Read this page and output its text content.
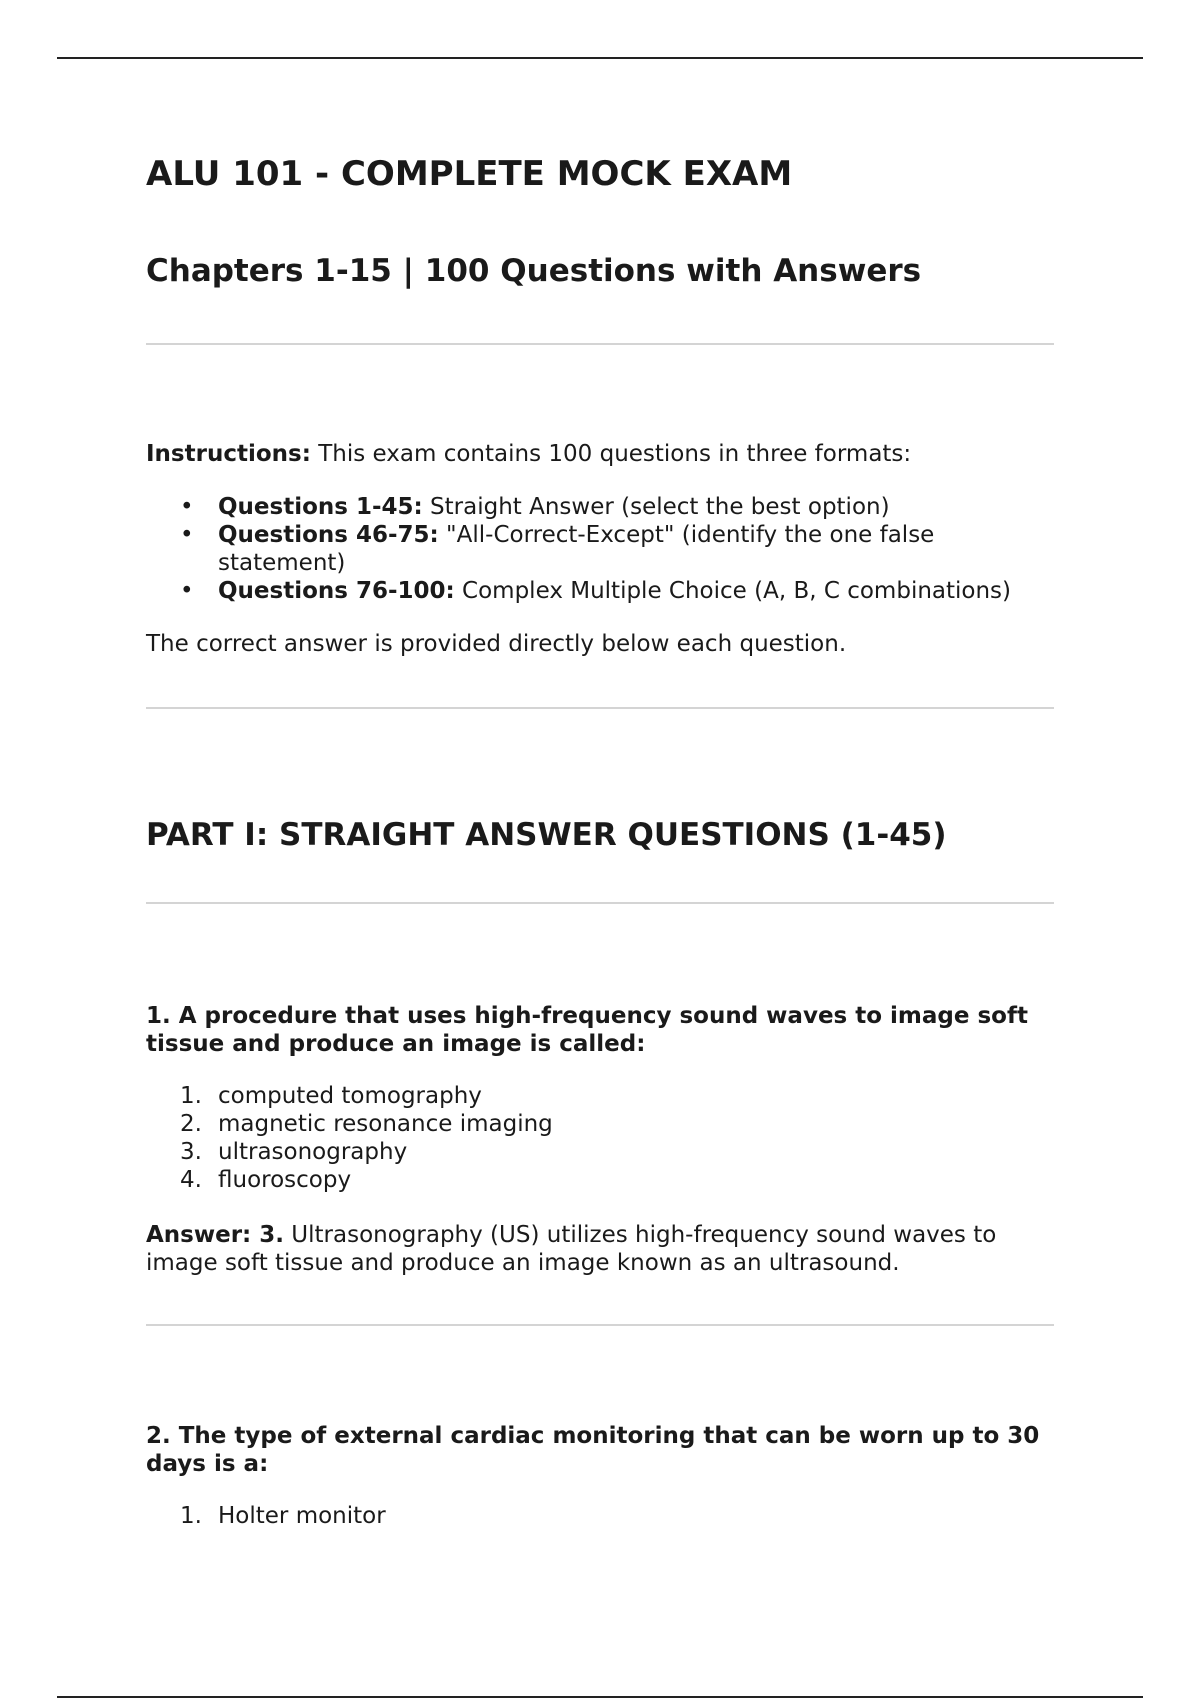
ALU 101 - COMPLETE MOCK EXAM
Chapters 1-15 | 100 Questions with Answers

Instructions: This exam contains 100 questions in three formats:

• Questions 1-45: Straight Answer (select the best option)
• Questions 46-75: "All-Correct-Except" (identify the one false statement)
• Questions 76-100: Complex Multiple Choice (A, B, C combinations)

The correct answer is provided directly below each question.

PART I: STRAIGHT ANSWER QUESTIONS (1-45)

1. A procedure that uses high-frequency sound waves to image soft tissue and produce an image is called:

1. computed tomography
2. magnetic resonance imaging
3. ultrasonography
4. fluoroscopy

Answer: 3. Ultrasonography (US) utilizes high-frequency sound waves to image soft tissue and produce an image known as an ultrasound.

2. The type of external cardiac monitoring that can be worn up to 30 days is a:

1. Holter monitor
